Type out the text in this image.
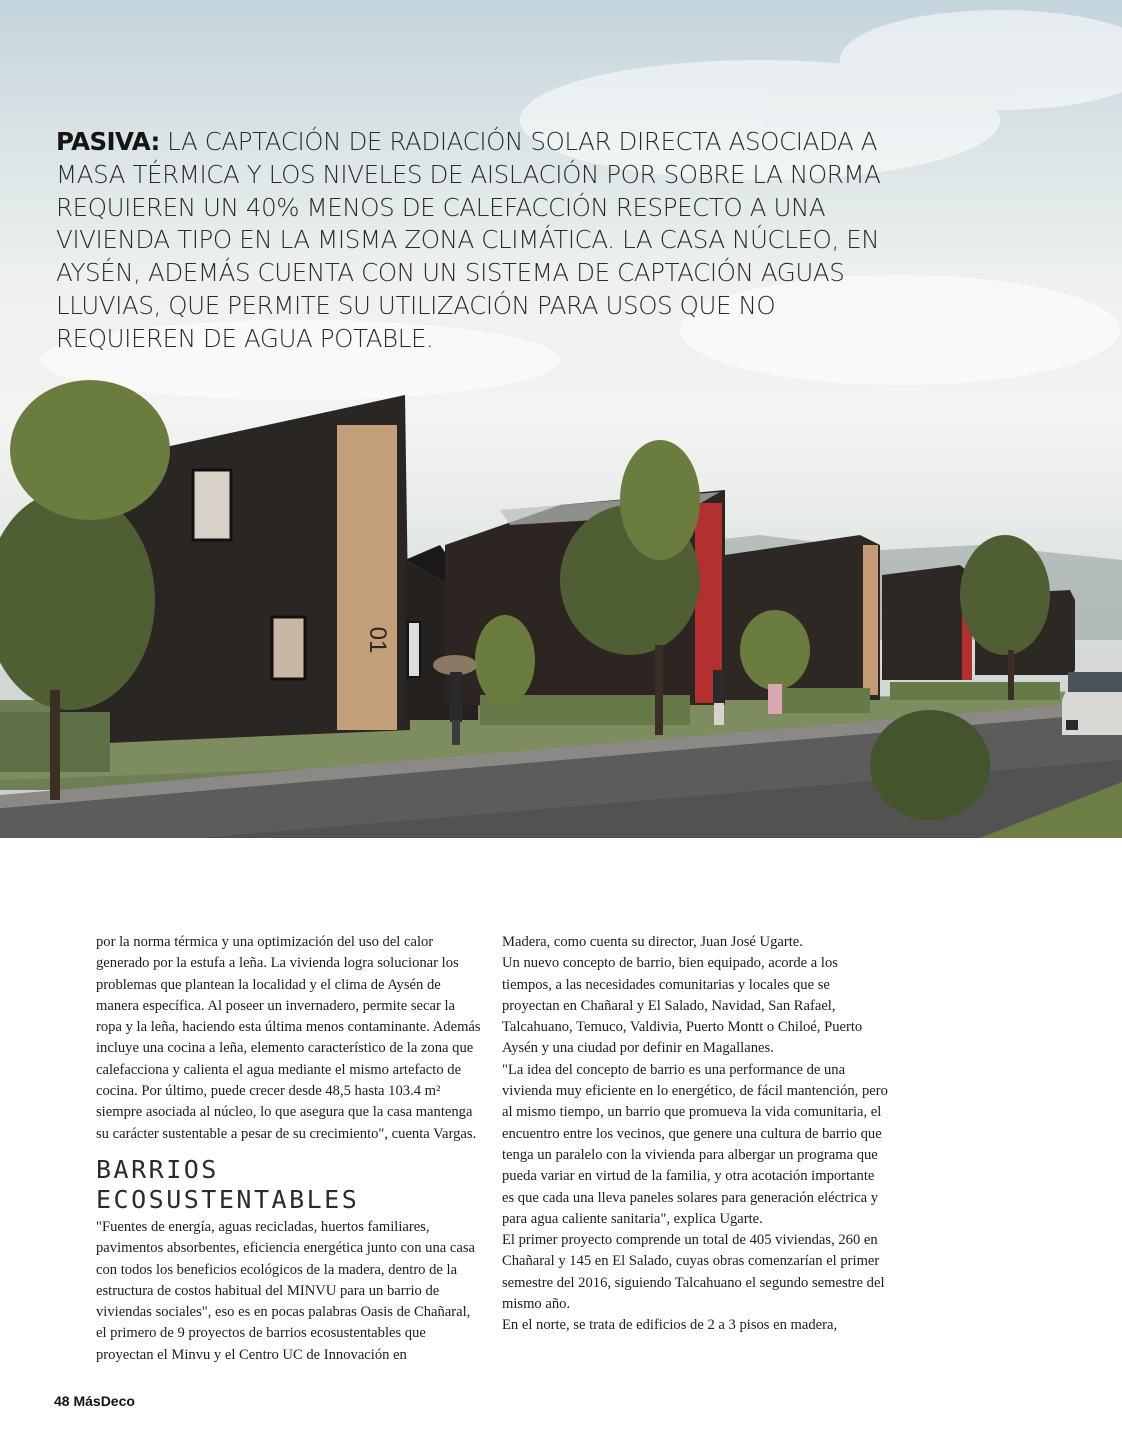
01

PASIVA: LA CAPTACIÓN DE RADIACIÓN SOLAR DIRECTA ASOCIADA A MASA TÉRMICA Y LOS NIVELES DE AISLACIÓN POR SOBRE LA NORMA REQUIEREN UN 40% MENOS DE CALEFACCIÓN RESPECTO A UNA VIVIENDA TIPO EN LA MISMA ZONA CLIMÁTICA. LA CASA NÚCLEO, EN AYSÉN, ADEMÁS CUENTA CON UN SISTEMA DE CAPTACIÓN AGUAS LLUVIAS, QUE PERMITE SU UTILIZACIÓN PARA USOS QUE NO REQUIEREN DE AGUA POTABLE.

por la norma térmica y una optimización del uso del calor generado por la estufa a leña. La vivienda logra solucionar los problemas que plantean la localidad y el clima de Aysén de manera específica. Al poseer un invernadero, permite secar la ropa y la leña, haciendo esta última menos contaminante. Además incluye una cocina a leña, elemento característico de la zona que calefacciona y calienta el agua mediante el mismo artefacto de cocina. Por último, puede crecer desde 48,5 hasta 103.4 m² siempre asociada al núcleo, lo que asegura que la casa mantenga su carácter sustentable a pesar de su crecimiento", cuenta Vargas.

BARRIOS ECOSUSTENTABLES

"Fuentes de energía, aguas recicladas, huertos familiares, pavimentos absorbentes, eficiencia energética junto con una casa con todos los beneficios ecológicos de la madera, dentro de la estructura de costos habitual del MINVU para un barrio de viviendas sociales", eso es en pocas palabras Oasis de Chañaral, el primero de 9 proyectos de barrios ecosustentables que proyectan el Minvu y el Centro UC de Innovación en

Madera, como cuenta su director, Juan José Ugarte.

Un nuevo concepto de barrio, bien equipado, acorde a los tiempos, a las necesidades comunitarias y locales que se proyectan en Chañaral y El Salado, Navidad, San Rafael, Talcahuano, Temuco, Valdivia, Puerto Montt o Chiloé, Puerto Aysén y una ciudad por definir en Magallanes.

"La idea del concepto de barrio es una performance de una vivienda muy eficiente en lo energético, de fácil mantención, pero al mismo tiempo, un barrio que promueva la vida comunitaria, el encuentro entre los vecinos, que genere una cultura de barrio que tenga un paralelo con la vivienda para albergar un programa que pueda variar en virtud de la familia, y otra acotación importante es que cada una lleva paneles solares para generación eléctrica y para agua caliente sanitaria", explica Ugarte.

El primer proyecto comprende un total de 405 viviendas, 260 en Chañaral y 145 en El Salado, cuyas obras comenzarían el primer semestre del 2016, siguiendo Talcahuano el segundo semestre del mismo año.

En el norte, se trata de edificios de 2 a 3 pisos en madera,

48 MásDeco
